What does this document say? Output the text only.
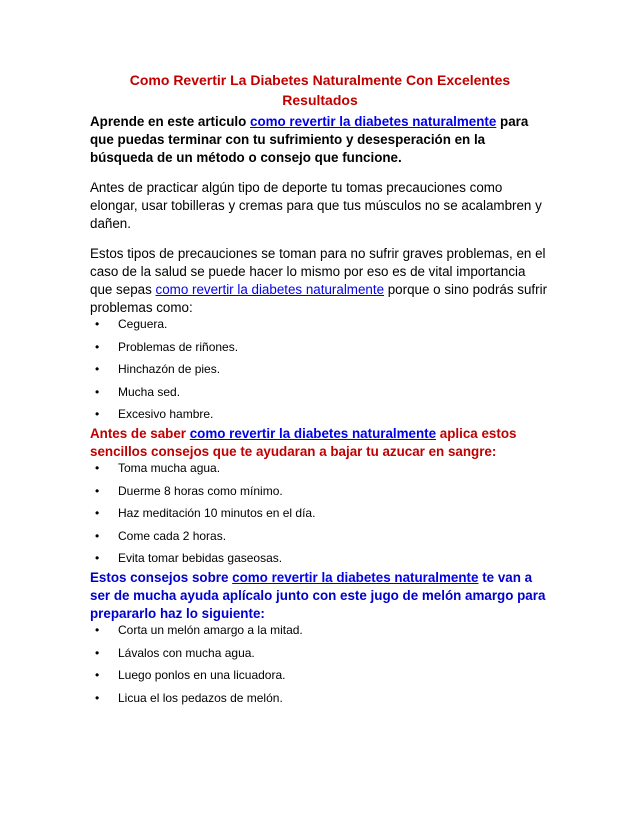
Como Revertir La Diabetes Naturalmente Con Excelentes
Resultados

Aprende en este articulo como revertir la diabetes naturalmente para que puedas terminar con tu sufrimiento y desesperación en la búsqueda de un método o consejo que funcione.

Antes de practicar algún tipo de deporte tu tomas precauciones como elongar, usar tobilleras y cremas para que tus músculos no se acalambren y dañen.

Estos tipos de precauciones se toman para no sufrir graves problemas, en el caso de la salud se puede hacer lo mismo por eso es de vital importancia que sepas como revertir la diabetes naturalmente porque o sino podrás sufrir problemas como:

• Ceguera.
• Problemas de riñones.
• Hinchazón de pies.
• Mucha sed.
• Excesivo hambre.

Antes de saber como revertir la diabetes naturalmente aplica estos sencillos consejos que te ayudaran a bajar tu azucar en sangre:

• Toma mucha agua.
• Duerme 8 horas como mínimo.
• Haz meditación 10 minutos en el día.
• Come cada 2 horas.
• Evita tomar bebidas gaseosas.

Estos consejos sobre como revertir la diabetes naturalmente te van a ser de mucha ayuda aplícalo junto con este jugo de melón amargo para prepararlo haz lo siguiente:

• Corta un melón amargo a la mitad.
• Lávalos con mucha agua.
• Luego ponlos en una licuadora.
• Licua el los pedazos de melón.
